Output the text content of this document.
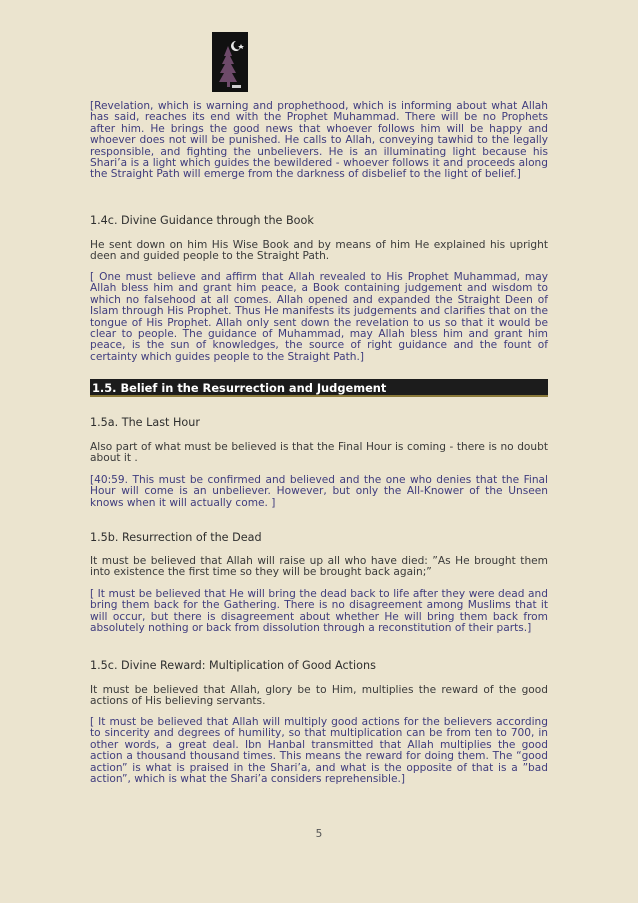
[Revelation, which is warning and prophethood, which is informing about what Allah has said, reaches its end with the Prophet Muhammad. There will be no Prophets after him. He brings the good news that whoever follows him will be happy and whoever does not will be punished. He calls to Allah, conveying tawhid to the legally responsible, and fighting the unbelievers. He is an illuminating light because his Shari’a is a light which guides the bewildered - whoever follows it and proceeds along the Straight Path will emerge from the darkness of disbelief to the light of belief.]

1.4c. Divine Guidance through the Book

He sent down on him His Wise Book and by means of him He explained his upright deen and guided people to the Straight Path.

[ One must believe and affirm that Allah revealed to His Prophet Muhammad, may Allah bless him and grant him peace, a Book containing judgement and wisdom to which no falsehood at all comes. Allah opened and expanded the Straight Deen of Islam through His Prophet. Thus He manifests its judgements and clarifies that on the tongue of His Prophet. Allah only sent down the revelation to us so that it would be clear to people. The guidance of Muhammad, may Allah bless him and grant him peace, is the sun of knowledges, the source of right guidance and the fount of certainty which guides people to the Straight Path.]

1.5. Belief in the Resurrection and Judgement

1.5a. The Last Hour

Also part of what must be believed is that the Final Hour is coming - there is no doubt about it .

[40:59. This must be confirmed and believed and the one who denies that the Final Hour will come is an unbeliever. However, but only the All-Knower of the Unseen knows when it will actually come. ]

1.5b. Resurrection of the Dead

It must be believed that Allah will raise up all who have died: ”As He brought them into existence the first time so they will be brought back again;”

[ It must be believed that He will bring the dead back to life after they were dead and bring them back for the Gathering. There is no disagreement among Muslims that it will occur, but there is disagreement about whether He will bring them back from absolutely nothing or back from dissolution through a reconstitution of their parts.]

1.5c. Divine Reward: Multiplication of Good Actions

It must be believed that Allah, glory be to Him, multiplies the reward of the good actions of His believing servants.

[ It must be believed that Allah will multiply good actions for the believers according to sincerity and degrees of humility, so that multiplication can be from ten to 700, in other words, a great deal. Ibn Hanbal transmitted that Allah multiplies the good action a thousand thousand times. This means the reward for doing them. The “good action” is what is praised in the Shari’a, and what is the opposite of that is a ”bad action”, which is what the Shari’a considers reprehensible.]

5
